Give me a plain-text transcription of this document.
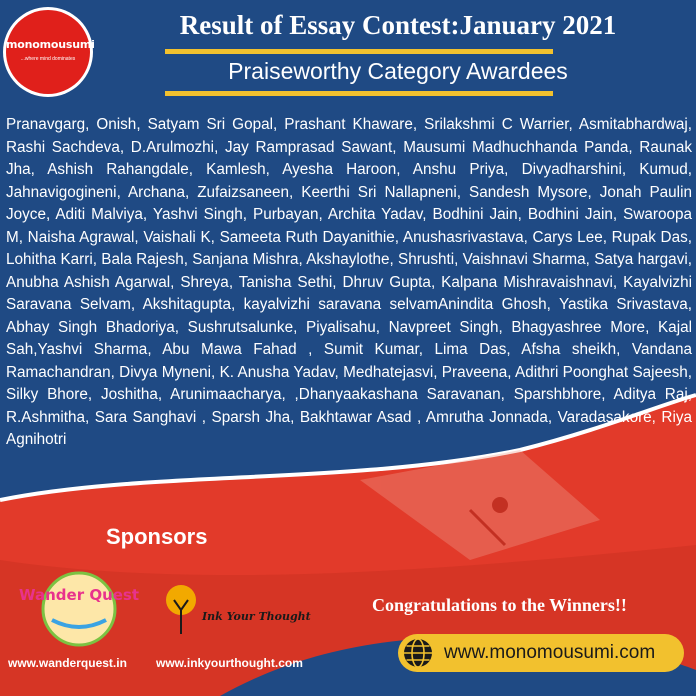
monomousumi
...where mind dominates
Result of Essay Contest:January 2021
Praiseworthy Category Awardees
Pranavgarg, Onish, Satyam Sri Gopal, Prashant Khaware, Srilakshmi C Warrier, Asmitabhardwaj, Rashi Sachdeva, D.Arulmozhi, Jay Ramprasad Sawant, Mausumi Madhuchhanda Panda, Raunak Jha, Ashish Rahangdale, Kamlesh, Ayesha Haroon, Anshu Priya, Divyadharshini, Kumud, Jahnavigogineni, Archana, Zufaizsaneen, Keerthi Sri Nallapneni, Sandesh Mysore, Jonah Paulin Joyce, Aditi Malviya, Yashvi Singh, Purbayan, Archita Yadav, Bodhini Jain, Bodhini Jain, Swaroopa M, Naisha Agrawal, Vaishali K, Sameeta Ruth Dayanithie, Anushasrivastava, Carys Lee, Rupak Das, Lohitha Karri, Bala Rajesh, Sanjana Mishra, Akshaylothe, Shrushti, Vaishnavi Sharma, Satya hargavi, Anubha Ashish Agarwal, Shreya, Tanisha Sethi, Dhruv Gupta, Kalpana Mishravaishnavi, Kayalvizhi Saravana Selvam, Akshitagupta, kayalvizhi saravana selvamAnindita Ghosh, Yastika Srivastava, Abhay Singh Bhadoriya, Sushrutsalunke, Piyalisahu, Navpreet Singh, Bhagyashree More, Kajal Sah,Yashvi Sharma, Abu Mawa Fahad , Sumit Kumar, Lima Das, Afsha sheikh, Vandana Ramachandran, Divya Myneni, K. Anusha Yadav, Medhatejasvi, Praveena, Adithri Poonghat Sajeesh, Silky Bhore, Joshitha, Arunimaacharya, ,Dhanyaakashana Saravanan, Sparshbhore, Aditya Raj, R.Ashmitha, Sara Sanghavi , Sparsh Jha, Bakhtawar Asad , Amrutha Jonnada, Varadasakore, Riya Agnihotri
Sponsors
Wander Quest
Ink Your Thought
Congratulations to the Winners!!
www.monomousumi.com
www.wanderquest.in www.inkyourthought.com
